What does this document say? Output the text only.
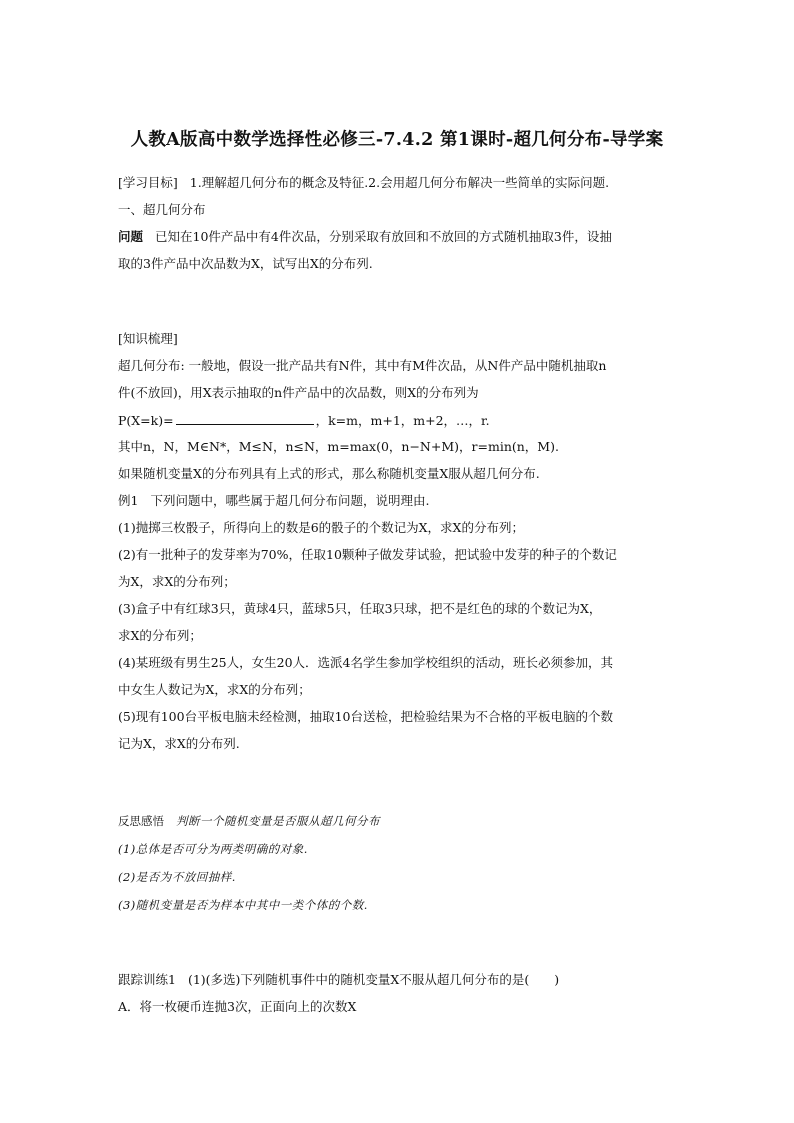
人教A版高中数学选择性必修三-7.4.2 第1课时-超几何分布-导学案
[学习目标] 1.理解超几何分布的概念及特征.2.会用超几何分布解决一些简单的实际问题.
一、超几何分布
问题 已知在10件产品中有4件次品，分别采取有放回和不放回的方式随机抽取3件，设抽
取的3件产品中次品数为X，试写出X的分布列.
[知识梳理]
超几何分布: 一般地，假设一批产品共有N件，其中有M件次品，从N件产品中随机抽取n
件(不放回)，用X表示抽取的n件产品中的次品数，则X的分布列为
P(X=k)=	，k=m，m+1，m+2，…，r.
其中n，N，M∈N*，M≤N，n≤N，m=max(0，n−N+M)，r=min(n，M).
如果随机变量X的分布列具有上式的形式，那么称随机变量X服从超几何分布.
例1 下列问题中，哪些属于超几何分布问题，说明理由.
(1)抛掷三枚骰子，所得向上的数是6的骰子的个数记为X，求X的分布列；
(2)有一批种子的发芽率为70%，任取10颗种子做发芽试验，把试验中发芽的种子的个数记
为X，求X的分布列；
(3)盒子中有红球3只，黄球4只，蓝球5只，任取3只球，把不是红色的球的个数记为X，
求X的分布列；
(4)某班级有男生25人，女生20人．选派4名学生参加学校组织的活动，班长必须参加，其
中女生人数记为X，求X的分布列；
(5)现有100台平板电脑未经检测，抽取10台送检，把检验结果为不合格的平板电脑的个数
记为X，求X的分布列.
反思感悟 判断一个随机变量是否服从超几何分布
(1)总体是否可分为两类明确的对象.
(2)是否为不放回抽样.
(3)随机变量是否为样本中其中一类个体的个数.
跟踪训练1 (1)(多选)下列随机事件中的随机变量X不服从超几何分布的是(　　)
A．将一枚硬币连抛3次，正面向上的次数X
